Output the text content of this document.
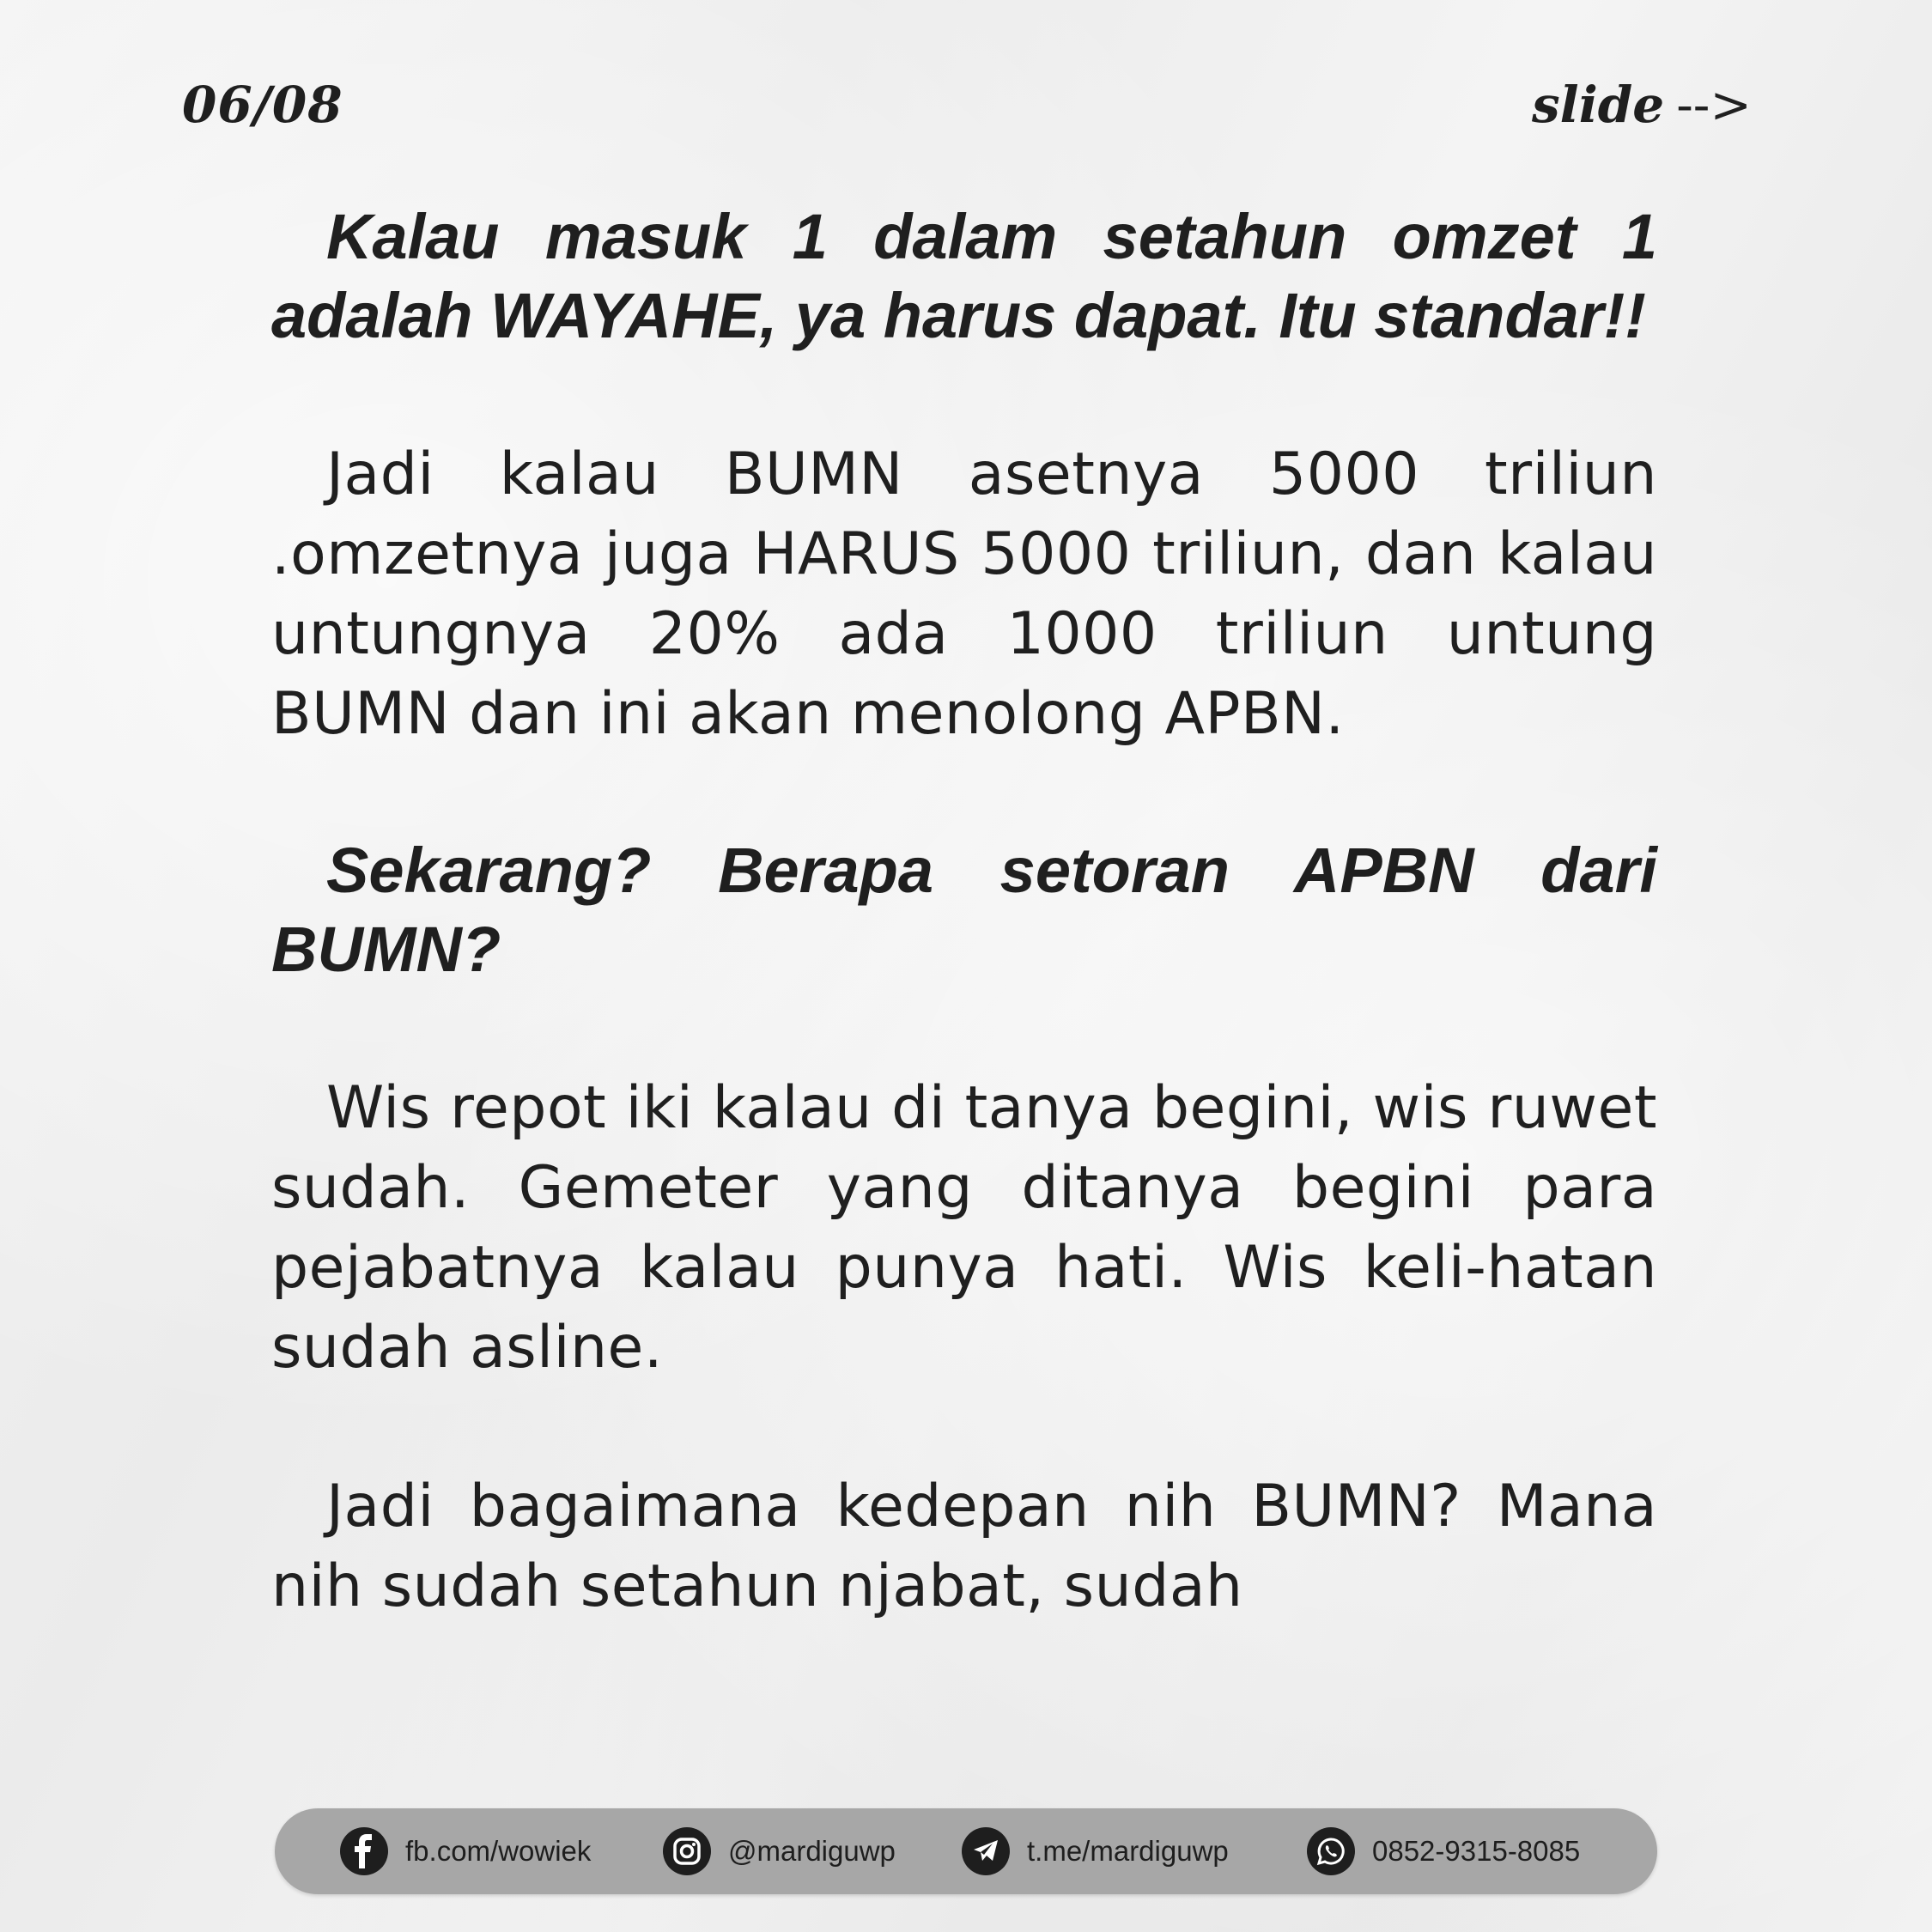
06/08	slide -->

Kalau masuk 1 dalam setahun omzet 1 adalah WAYAHE, ya harus dapat. Itu standar!!

Jadi kalau BUMN asetnya 5000 triliun .omzetnya juga HARUS 5000 triliun, dan kalau untungnya 20% ada 1000 triliun untung BUMN dan ini akan menolong APBN.

Sekarang? Berapa setoran APBN dari BUMN?

Wis repot iki kalau di tanya begini, wis ruwet sudah. Gemeter yang ditanya begini para pejabatnya kalau punya hati. Wis keli-hatan sudah asline.

Jadi bagaimana kedepan nih BUMN? Mana nih sudah setahun njabat, sudah

fb.com/wowiek	@mardiguwp	t.me/mardiguwp	0852-9315-8085
